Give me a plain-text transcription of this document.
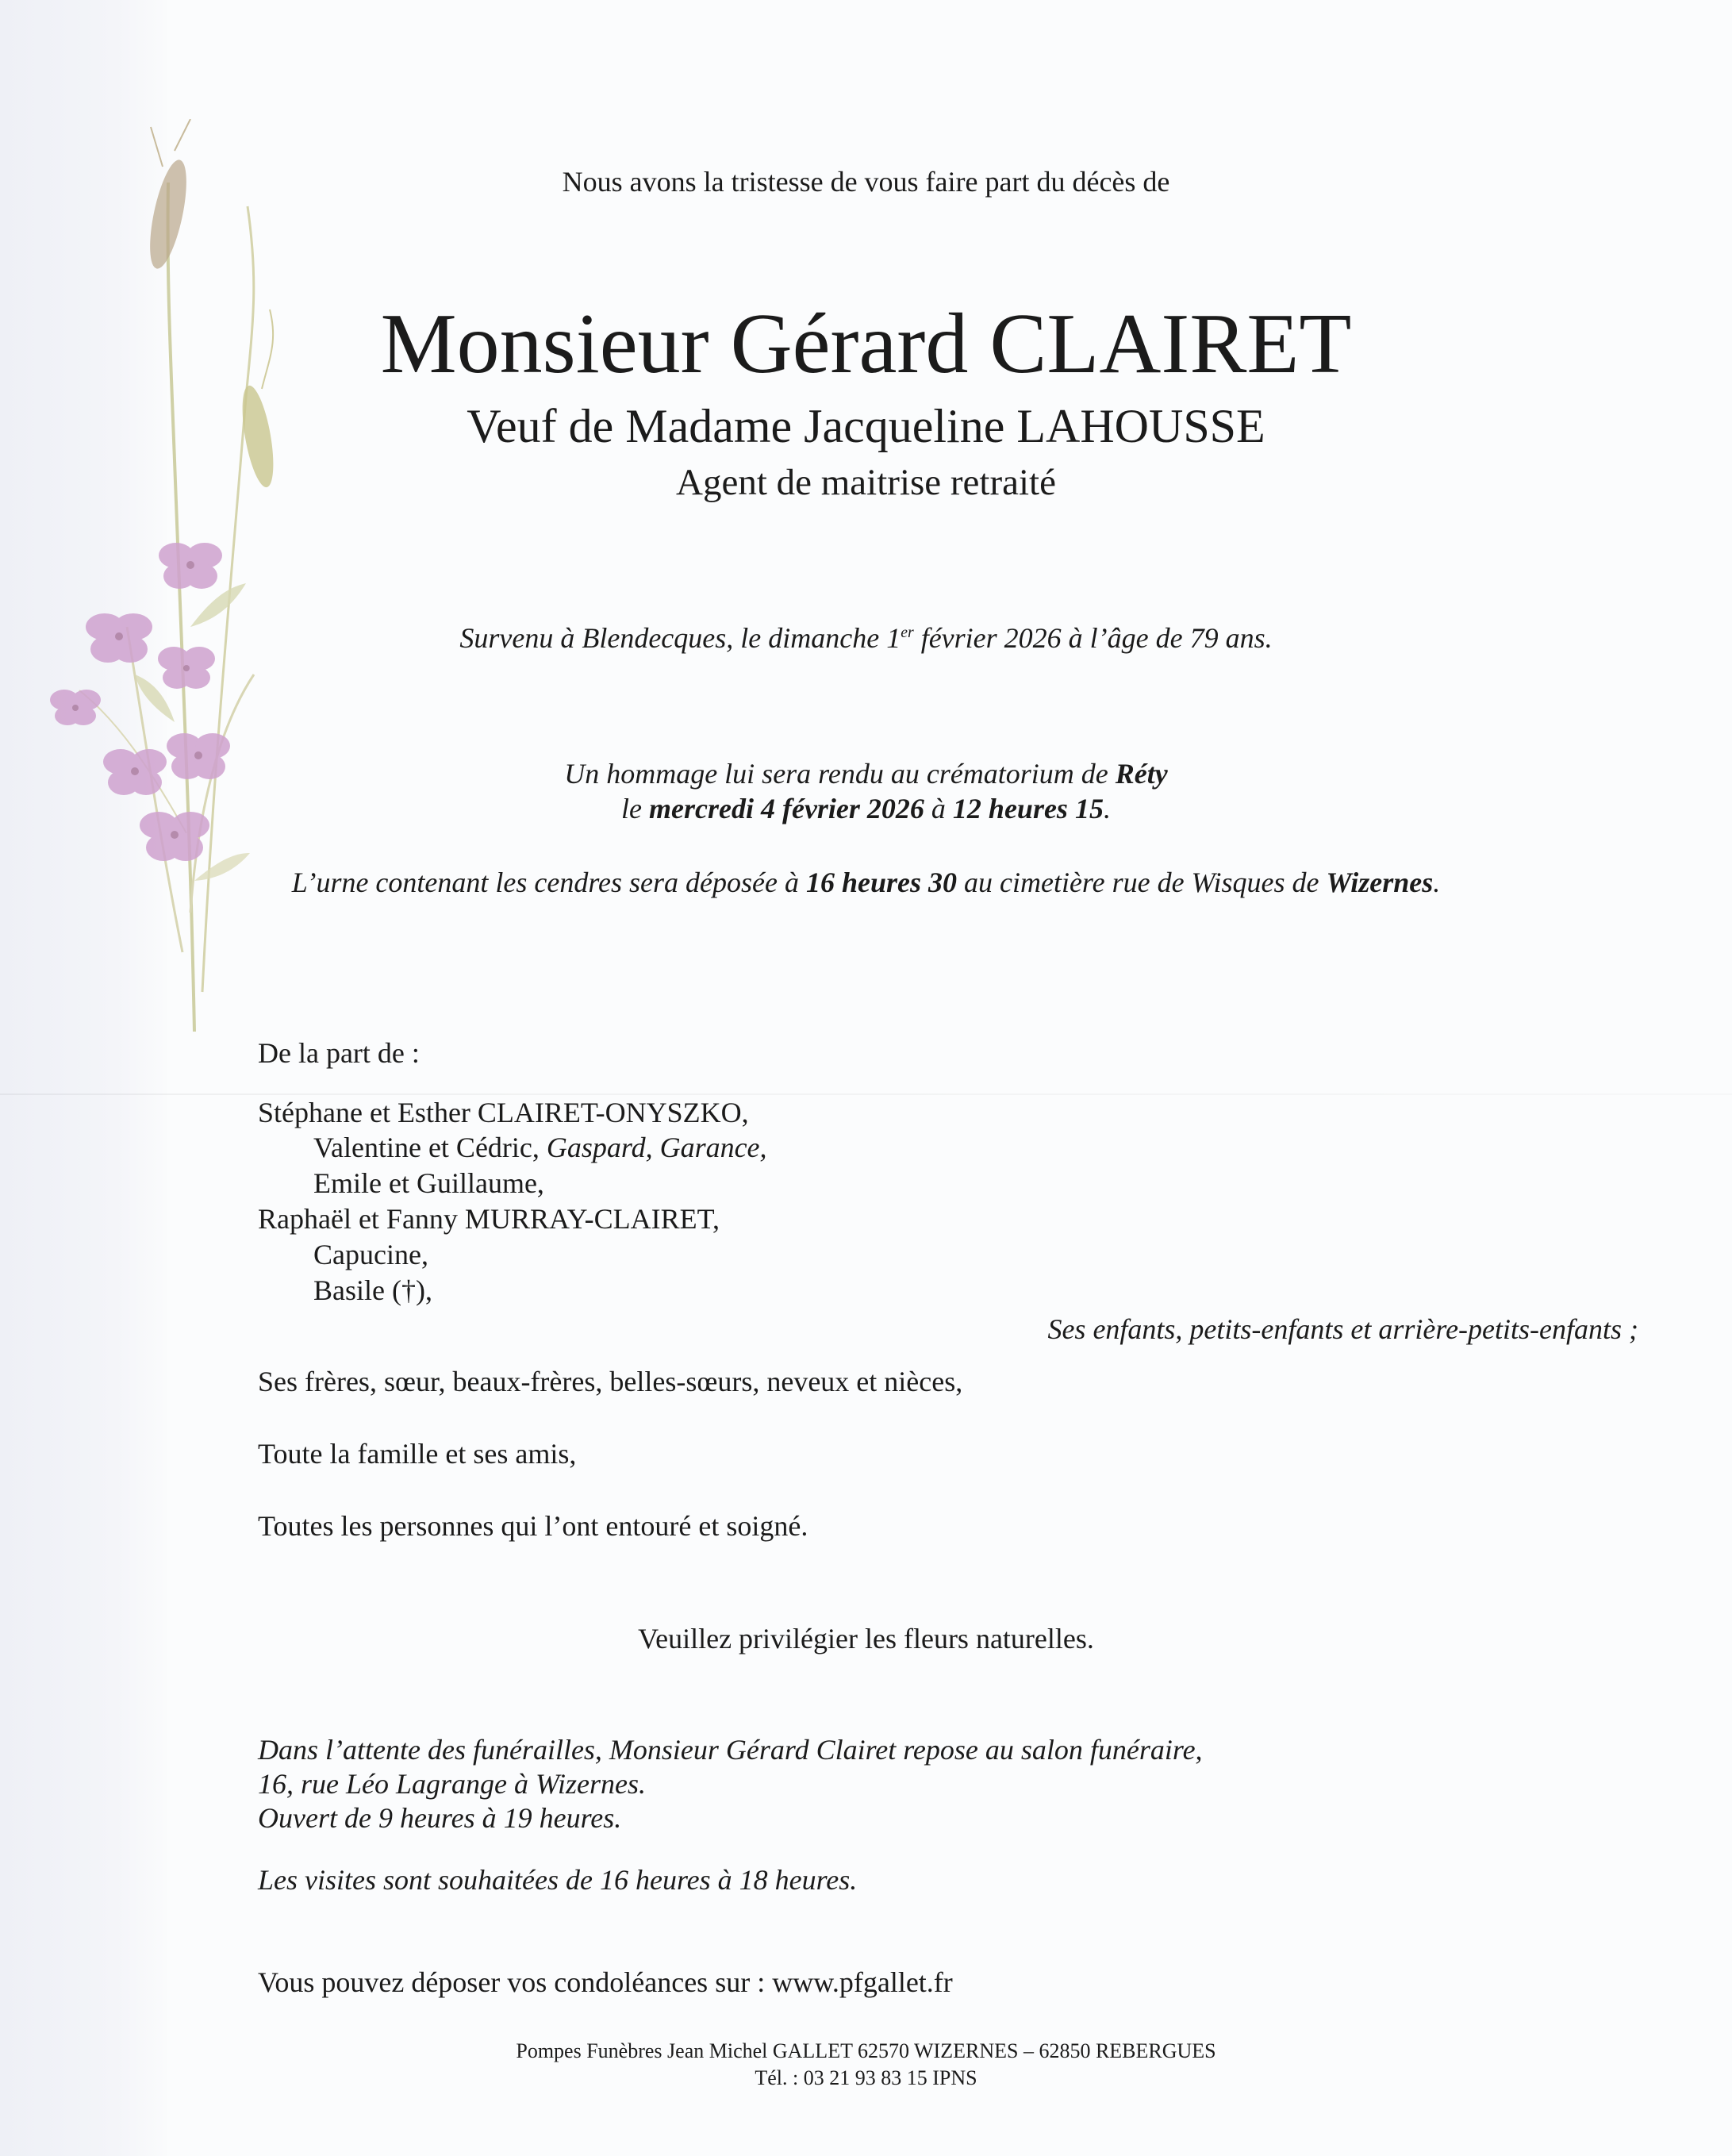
Nous avons la tristesse de vous faire part du décès de
Monsieur Gérard CLAIRET
Veuf de Madame Jacqueline LAHOUSSE
Agent de maitrise retraité
Survenu à Blendecques, le dimanche 1er février 2026 à l’âge de 79 ans.
Un hommage lui sera rendu au crématorium de Réty
le mercredi 4 février 2026 à 12 heures 15.
L’urne contenant les cendres sera déposée à 16 heures 30 au cimetière rue de Wisques de Wizernes.
De la part de :
Stéphane et Esther CLAIRET-ONYSZKO,
Valentine et Cédric, Gaspard, Garance,
Emile et Guillaume,
Raphaël et Fanny MURRAY-CLAIRET,
Capucine,
Basile (†),
Ses enfants, petits-enfants et arrière-petits-enfants ;
Ses frères, sœur, beaux-frères, belles-sœurs, neveux et nièces,
Toute la famille et ses amis,
Toutes les personnes qui l’ont entouré et soigné.
Veuillez privilégier les fleurs naturelles.
Dans l’attente des funérailles, Monsieur Gérard Clairet repose au salon funéraire,
16, rue Léo Lagrange à Wizernes.
Ouvert de 9 heures à 19 heures.
Les visites sont souhaitées de 16 heures à 18 heures.
Vous pouvez déposer vos condoléances sur : www.pfgallet.fr
Pompes Funèbres Jean Michel GALLET 62570 WIZERNES – 62850 REBERGUES
Tél. : 03 21 93 83 15 IPNS
